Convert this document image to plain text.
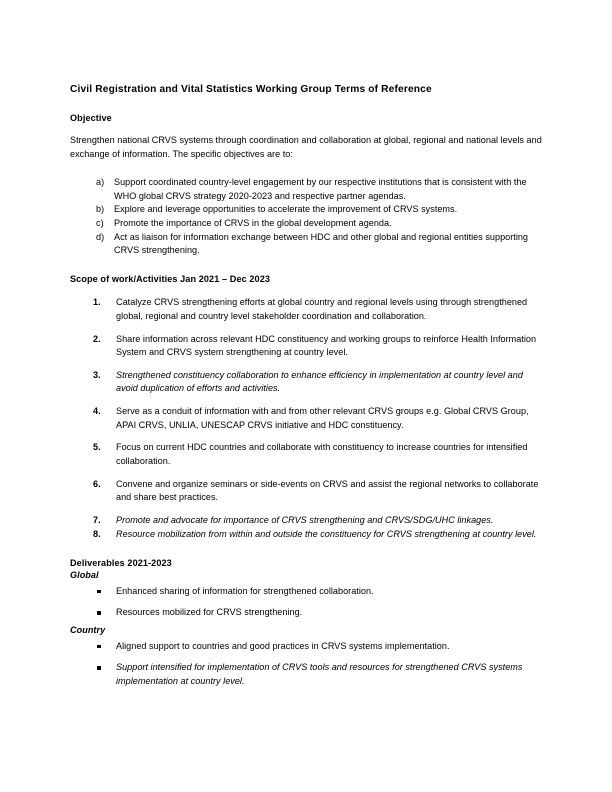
Civil Registration and Vital Statistics Working Group Terms of Reference
Objective

Strengthen national CRVS systems through coordination and collaboration at global, regional and national levels and exchange of information. The specific objectives are to:

Support coordinated country-level engagement by our respective institutions that is consistent with the WHO global CRVS strategy 2020-2023 and respective partner agendas.
Explore and leverage opportunities to accelerate the improvement of CRVS systems.
Promote the importance of CRVS in the global development agenda.
Act as liaison for information exchange between HDC and other global and regional entities supporting CRVS strengthening.
Scope of work/Activities Jan 2021 – Dec 2023
Catalyze CRVS strengthening efforts at global country and regional levels using through strengthened global, regional and country level stakeholder coordination and collaboration.
Share information across relevant HDC constituency and working groups to reinforce Health Information System and CRVS system strengthening at country level.
Strengthened constituency collaboration to enhance efficiency in implementation at country level and avoid duplication of efforts and activities.
Serve as a conduit of information with and from other relevant CRVS groups e.g. Global CRVS Group, APAI CRVS, UNLIA, UNESCAP CRVS initiative and HDC constituency.
Focus on current HDC countries and collaborate with constituency to increase countries for intensified collaboration.
Convene and organize seminars or side-events on CRVS and assist the regional networks to collaborate and share best practices.
Promote and advocate for importance of CRVS strengthening and CRVS/SDG/UHC linkages.
Resource mobilization from within and outside the constituency for CRVS strengthening at country level.
Deliverables 2021-2023
Global
Enhanced sharing of information for strengthened collaboration.
Resources mobilized for CRVS strengthening.
Country
Aligned support to countries and good practices in CRVS systems implementation.
Support intensified for implementation of CRVS tools and resources for strengthened CRVS systems implementation at country level.
